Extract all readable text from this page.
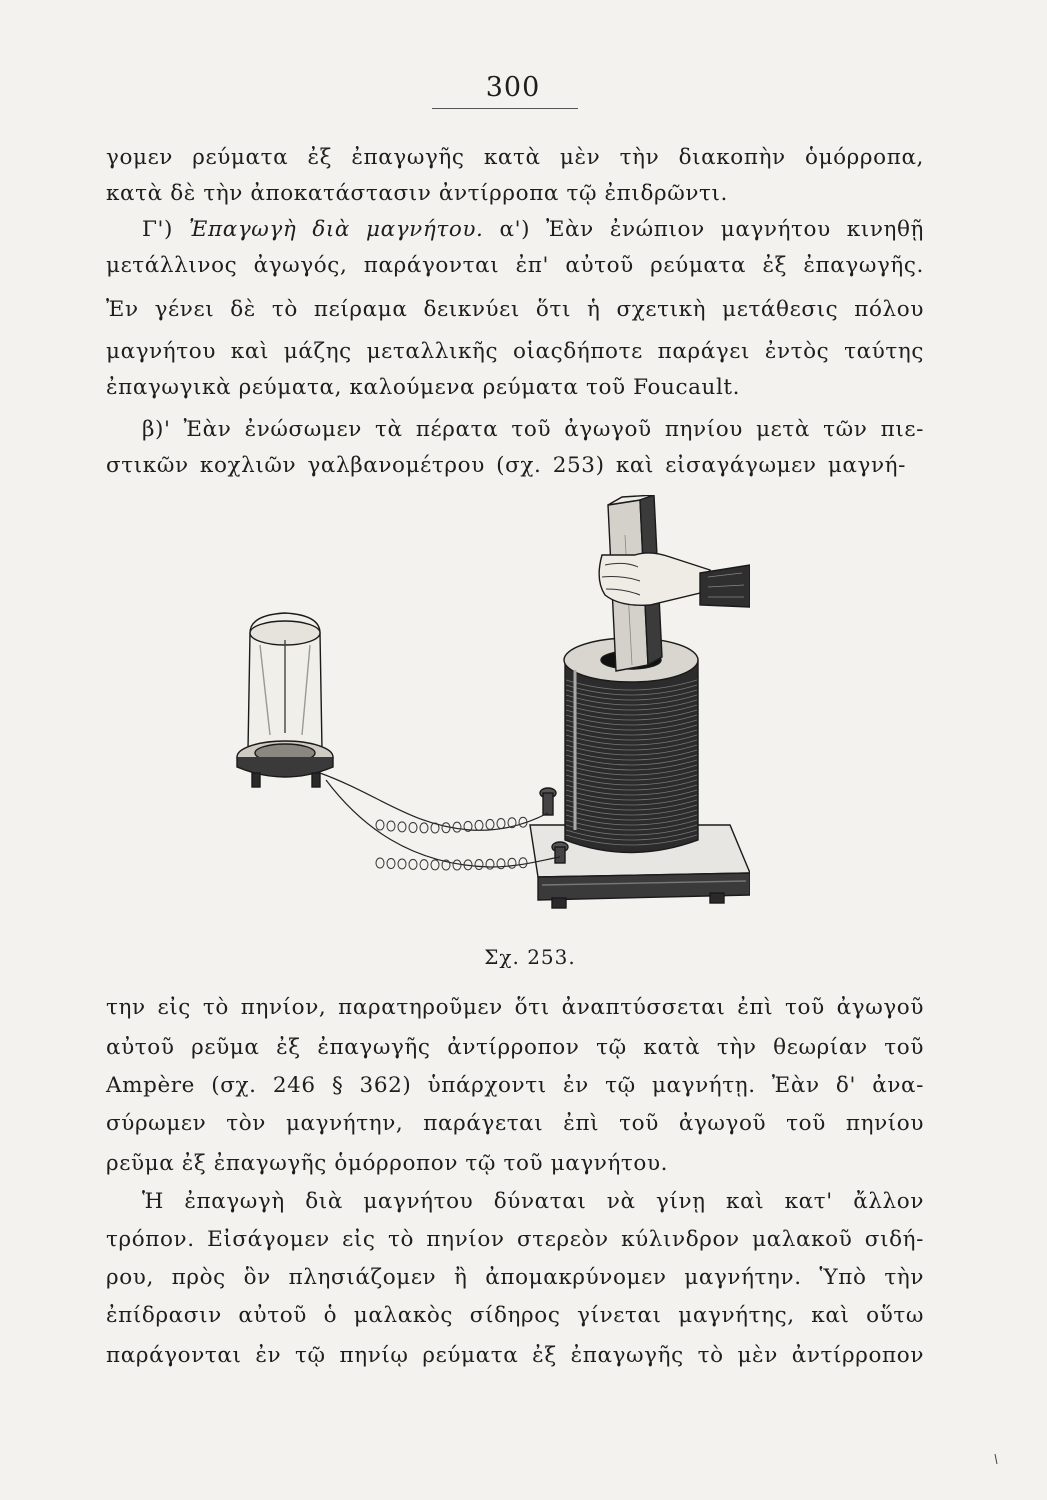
300
γομεν ρεύματα ἐξ ἐπαγωγῆς κατὰ μὲν τὴν διακοπὴν ὁμόρροπα,
κατὰ δὲ τὴν ἀποκατάστασιν ἀντίρροπα τῷ ἐπιδρῶντι.
Γ') Ἐπαγωγὴ διὰ μαγνήτου. α') Ἐὰν ἐνώπιον μαγνήτου κινηθῇ
μετάλλινος ἀγωγός, παράγονται ἐπ' αὐτοῦ ρεύματα ἐξ ἐπαγωγῆς.
Ἐν γένει δὲ τὸ πείραμα δεικνύει ὅτι ἡ σχετικὴ μετάθεσις πόλου
μαγνήτου καὶ μάζης μεταλλικῆς οἱαςδήποτε παράγει ἐντὸς ταύτης
ἐπαγωγικὰ ρεύματα, καλούμενα ρεύματα τοῦ Foucault.
β)' Ἐὰν ἐνώσωμεν τὰ πέρατα τοῦ ἀγωγοῦ πηνίου μετὰ τῶν πιε-
στικῶν κοχλιῶν γαλβανομέτρου (σχ. 253) καὶ εἰσαγάγωμεν μαγνή-
Σχ. 253.
την εἰς τὸ πηνίον, παρατηροῦμεν ὅτι ἀναπτύσσεται ἐπὶ τοῦ ἀγωγοῦ
αὐτοῦ ρεῦμα ἐξ ἐπαγωγῆς ἀντίρροπον τῷ κατὰ τὴν θεωρίαν τοῦ
Ampère (σχ. 246 § 362) ὑπάρχοντι ἐν τῷ μαγνήτῃ. Ἐὰν δ' ἀνα-
σύρωμεν τὸν μαγνήτην, παράγεται ἐπὶ τοῦ ἀγωγοῦ τοῦ πηνίου
ρεῦμα ἐξ ἐπαγωγῆς ὁμόρροπον τῷ τοῦ μαγνήτου.
Ἡ ἐπαγωγὴ διὰ μαγνήτου δύναται νὰ γίνῃ καὶ κατ' ἄλλον
τρόπον. Εἰσάγομεν εἰς τὸ πηνίον στερεὸν κύλινδρον μαλακοῦ σιδή-
ρου, πρὸς ὃν πλησιάζομεν ἢ ἀπομακρύνομεν μαγνήτην. Ὑπὸ τὴν
ἐπίδρασιν αὐτοῦ ὁ μαλακὸς σίδηρος γίνεται μαγνήτης, καὶ οὕτω
παράγονται ἐν τῷ πηνίῳ ρεύματα ἐξ ἐπαγωγῆς τὸ μὲν ἀντίρροπον
